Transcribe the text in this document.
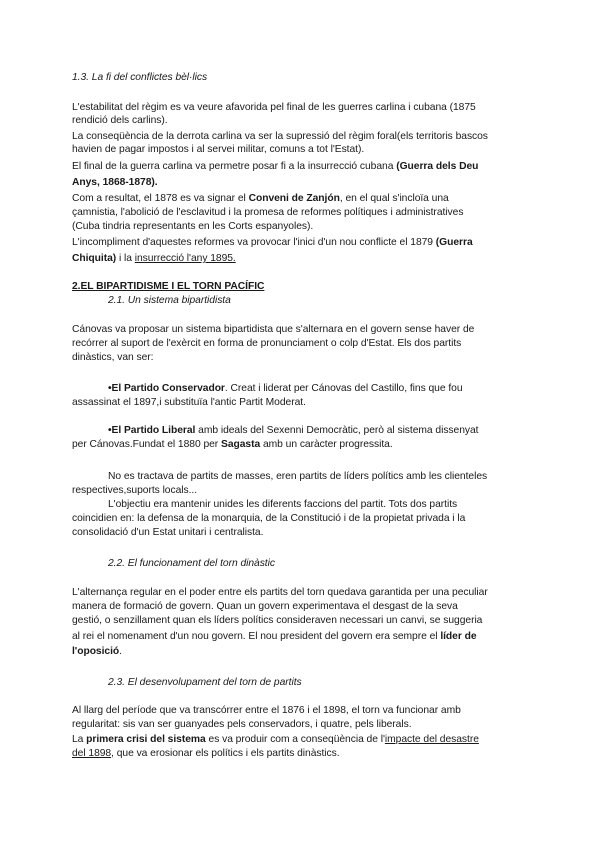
1.3. La fi del conflictes bèl·lics
L'estabilitat del règim es va veure afavorida pel final de les guerres carlina i cubana (1875
rendició dels carlins).
La conseqüència de la derrota carlina va ser la supressió del règim foral(els territoris bascos
havien de pagar impostos i al servei militar, comuns a tot l'Estat).
El final de la guerra carlina va permetre posar fi a la insurrecció cubana (Guerra dels Deu
Anys, 1868-1878).
Com a resultat, el 1878 es va signar el Conveni de Zanjón, en el qual s'incloïa una
çamnistia, l'abolició de l'esclavitud i la promesa de reformes polítiques i administratives
(Cuba tindria representants en les Corts espanyoles).
L'incompliment d'aquestes reformes va provocar l'inici d'un nou conflicte el 1879 (Guerra
Chiquita) i la insurrecció l'any 1895.
2.EL BIPARTIDISME I EL TORN PACÍFIC
2.1. Un sistema bipartidista
Cánovas va proposar un sistema bipartidista que s'alternara en el govern sense haver de
recórrer al suport de l'exèrcit en forma de pronunciament o colp d'Estat. Els dos partits
dinàstics, van ser:
•El Partido Conservador. Creat i liderat per Cánovas del Castillo, fins que fou
assassinat el 1897,i substituïa l'antic Partit Moderat.
•El Partido Liberal amb ideals del Sexenni Democràtic, però al sistema dissenyat
per Cánovas.Fundat el 1880 per Sagasta amb un caràcter progressita.
No es tractava de partits de masses, eren partits de líders polítics amb les clienteles
respectives,suports locals...
L'objectiu era mantenir unides les diferents faccions del partit. Tots dos partits
coincidien en: la defensa de la monarquia, de la Constitució i de la propietat privada i la
consolidació d'un Estat unitari i centralista.
2.2. El funcionament del torn dinàstic
L'alternança regular en el poder entre els partits del torn quedava garantida per una peculiar
manera de formació de govern. Quan un govern experimentava el desgast de la seva
gestió, o senzillament quan els líders polítics consideraven necessari un canvi, se suggeria
al rei el nomenament d'un nou govern. El nou president del govern era sempre el líder de
l'oposició.
2.3. El desenvolupament del torn de partits
Al llarg del període que va transcórrer entre el 1876 i el 1898, el torn va funcionar amb
regularitat: sis van ser guanyades pels conservadors, i quatre, pels liberals.
La primera crisi del sistema es va produir com a conseqüència de l'impacte del desastre
del 1898, que va erosionar els polítics i els partits dinàstics.
